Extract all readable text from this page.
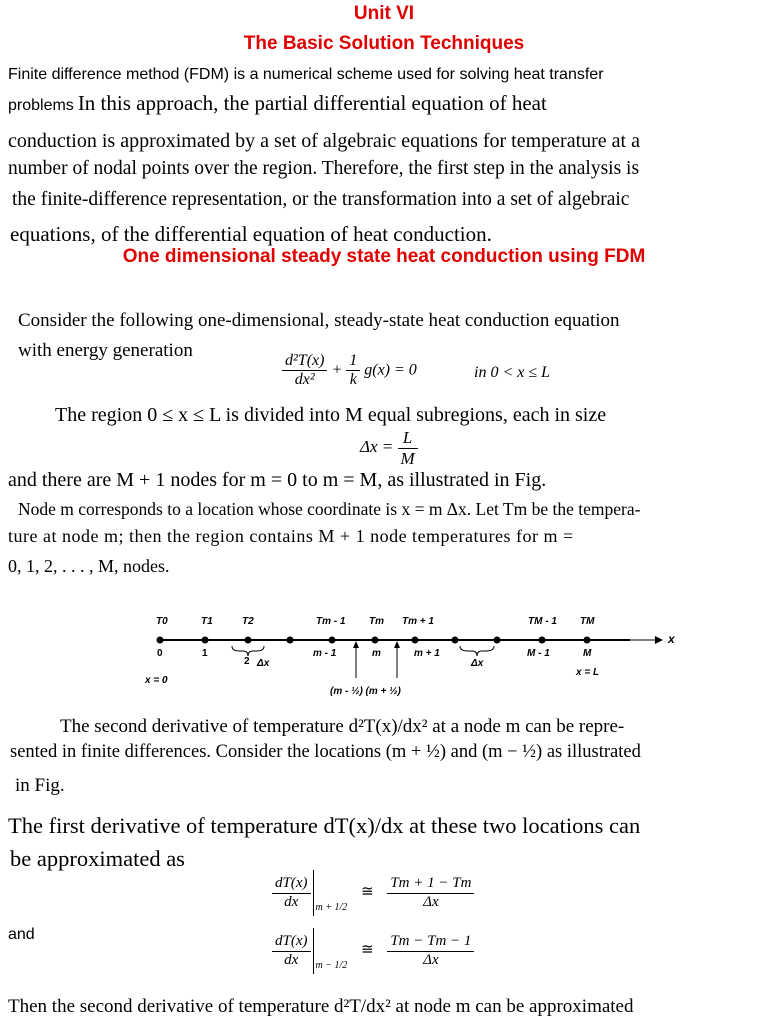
Unit VI
The Basic Solution Techniques
Finite difference method (FDM) is a numerical scheme used for solving heat transfer
problems In this approach, the partial differential equation of heat
conduction is approximated by a set of algebraic equations for temperature at a
number of nodal points over the region. Therefore, the first step in the analysis is
the finite-difference representation, or the transformation into a set of algebraic
equations, of the differential equation of heat conduction.
One dimensional steady state heat conduction using FDM
Consider the following one-dimensional, steady-state heat conduction equation
with energy generation
$\frac{\text{d²T(x)}}{\text{dx²}} + \frac{1}{k} g(x) = 0$	in 0 < x ≤ L
The region 0 ≤ x ≤ L is divided into M equal subregions, each in size
$\Delta x = \frac{L}{M}$
and there are M + 1 nodes for m = 0 to m = M, as illustrated in Fig.
Node m corresponds to a location whose coordinate is x = m Δx. Let Tm be the tempera-
ture at node m; then the region contains M + 1 node temperatures for m =
0, 1, 2, . . . , M, nodes.
T0	T1	T2	Tm - 1 Tm Tm + 1	TM - 1 TM
x
0	1
2
m - 1	m	m + 1	M - 1	M
Δx	Δx
x = 0
x = L
(m - ½) (m + ½)
The second derivative of temperature d²T(x)/dx² at a node m can be repre-
sented in finite differences. Consider the locations (m + ½) and (m − ½) as illustrated
in Fig.
The first derivative of temperature dT(x)/dx at these two locations can
be approximated as
$\frac{dT(x)}{dx} _{m + 1/2}$ ≅ $\frac{Tm + 1 - Tm}{\Delta x}$
and	$\frac{dT(x)}{dx} _{m - 1/2}$ ≅ $\frac{Tm - Tm - 1}{\Delta x}$
Then the second derivative of temperature d²T/dx² at node m can be approximated
